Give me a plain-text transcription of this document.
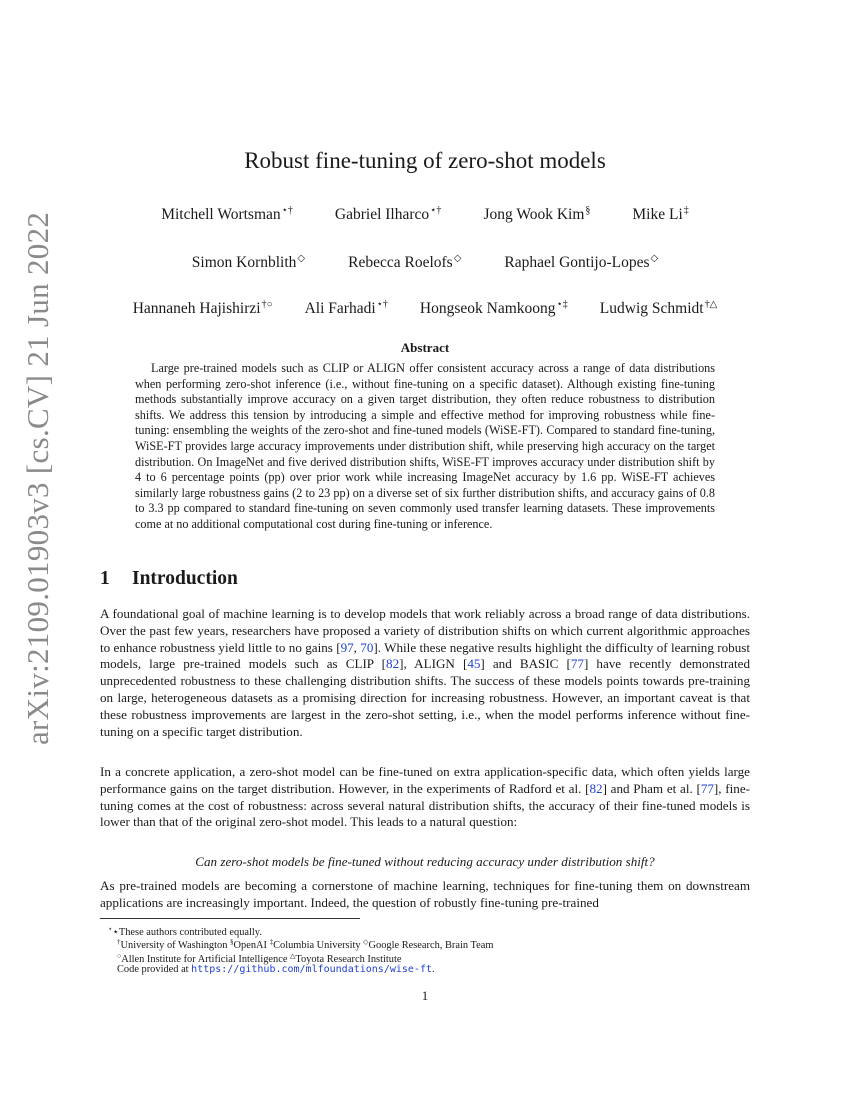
arXiv:2109.01903v3 [cs.CV] 21 Jun 2022
Robust fine-tuning of zero-shot models
Mitchell Wortsman⋆†	Gabriel Ilharco⋆†	Jong Wook Kim§	Mike Li‡
Simon Kornblith◇	Rebecca Roelofs◇	Raphael Gontijo-Lopes◇
Hannaneh Hajishirzi†○ Ali Farhadi⋆† Hongseok Namkoong⋆‡ Ludwig Schmidt†△
Abstract

Large pre-trained models such as CLIP or ALIGN offer consistent accuracy across a range of data distributions when performing zero-shot inference (i.e., without fine-tuning on a specific dataset). Although existing fine-tuning methods substantially improve accuracy on a given target distribution, they often reduce robustness to distribution shifts. We address this tension by introducing a simple and effective method for improving robustness while fine-tuning: ensembling the weights of the zero-shot and fine-tuned models (WiSE-FT). Compared to standard fine-tuning, WiSE-FT provides large accuracy improvements under distribution shift, while preserving high accuracy on the target distribution. On ImageNet and five derived distribution shifts, WiSE-FT improves accuracy under distribution shift by 4 to 6 percentage points (pp) over prior work while increasing ImageNet accuracy by 1.6 pp. WiSE-FT achieves similarly large robustness gains (2 to 23 pp) on a diverse set of six further distribution shifts, and accuracy gains of 0.8 to 3.3 pp compared to standard fine-tuning on seven commonly used transfer learning datasets. These improvements come at no additional computational cost during fine-tuning or inference.

1 Introduction

A foundational goal of machine learning is to develop models that work reliably across a broad range of data distributions. Over the past few years, researchers have proposed a variety of distribution shifts on which current algorithmic approaches to enhance robustness yield little to no gains [97, 70]. While these negative results highlight the difficulty of learning robust models, large pre-trained models such as CLIP [82], ALIGN [45] and BASIC [77] have recently demonstrated unprecedented robustness to these challenging distribution shifts. The success of these models points towards pre-training on large, heterogeneous datasets as a promising direction for increasing robustness. However, an important caveat is that these robustness improvements are largest in the zero-shot setting, i.e., when the model performs inference without fine-tuning on a specific target distribution.

In a concrete application, a zero-shot model can be fine-tuned on extra application-specific data, which often yields large performance gains on the target distribution. However, in the experiments of Radford et al. [82] and Pham et al. [77], fine-tuning comes at the cost of robustness: across several natural distribution shifts, the accuracy of their fine-tuned models is lower than that of the original zero-shot model. This leads to a natural question:

Can zero-shot models be fine-tuned without reducing accuracy under distribution shift?

As pre-trained models are becoming a cornerstone of machine learning, techniques for fine-tuning them on downstream applications are increasingly important. Indeed, the question of robustly fine-tuning pre-trained

⋆⋆These authors contributed equally.
†University of Washington §OpenAI ‡Columbia University ◇Google Research, Brain Team
○Allen Institute for Artificial Intelligence △Toyota Research Institute
Code provided at https://github.com/mlfoundations/wise-ft.
1
